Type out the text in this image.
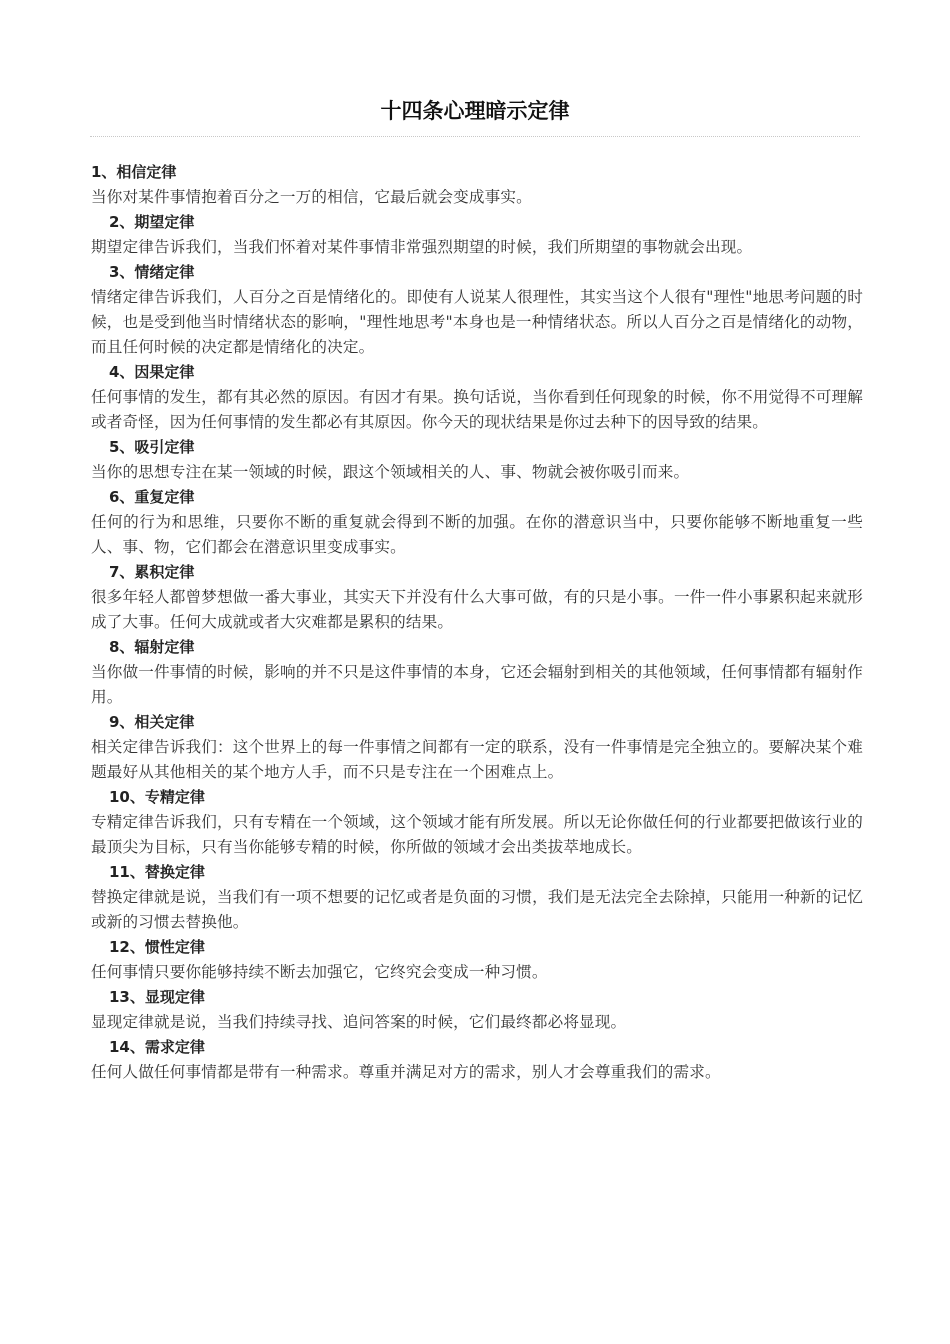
十四条心理暗示定律
1、相信定律
当你对某件事情抱着百分之一万的相信，它最后就会变成事实。
2、期望定律
期望定律告诉我们，当我们怀着对某件事情非常强烈期望的时候，我们所期望的事物就会出现。
3、情绪定律
情绪定律告诉我们，人百分之百是情绪化的。即使有人说某人很理性，其实当这个人很有"理性"地思考问题的时候，也是受到他当时情绪状态的影响，"理性地思考"本身也是一种情绪状态。所以人百分之百是情绪化的动物，而且任何时候的决定都是情绪化的决定。
4、因果定律
任何事情的发生，都有其必然的原因。有因才有果。换句话说，当你看到任何现象的时候，你不用觉得不可理解或者奇怪，因为任何事情的发生都必有其原因。你今天的现状结果是你过去种下的因导致的结果。
5、吸引定律
当你的思想专注在某一领域的时候，跟这个领域相关的人、事、物就会被你吸引而来。
6、重复定律
任何的行为和思维，只要你不断的重复就会得到不断的加强。在你的潜意识当中，只要你能够不断地重复一些人、事、物，它们都会在潜意识里变成事实。
7、累积定律
很多年轻人都曾梦想做一番大事业，其实天下并没有什么大事可做，有的只是小事。一件一件小事累积起来就形成了大事。任何大成就或者大灾难都是累积的结果。
8、辐射定律
当你做一件事情的时候，影响的并不只是这件事情的本身，它还会辐射到相关的其他领域，任何事情都有辐射作用。
9、相关定律
相关定律告诉我们：这个世界上的每一件事情之间都有一定的联系，没有一件事情是完全独立的。要解决某个难题最好从其他相关的某个地方人手，而不只是专注在一个困难点上。
10、专精定律
专精定律告诉我们，只有专精在一个领域，这个领域才能有所发展。所以无论你做任何的行业都要把做该行业的最顶尖为目标，只有当你能够专精的时候，你所做的领域才会出类拔萃地成长。
11、替换定律
替换定律就是说，当我们有一项不想要的记忆或者是负面的习惯，我们是无法完全去除掉，只能用一种新的记忆或新的习惯去替换他。
12、惯性定律
任何事情只要你能够持续不断去加强它，它终究会变成一种习惯。
13、显现定律
显现定律就是说，当我们持续寻找、追问答案的时候，它们最终都必将显现。
14、需求定律
任何人做任何事情都是带有一种需求。尊重并满足对方的需求，别人才会尊重我们的需求。
